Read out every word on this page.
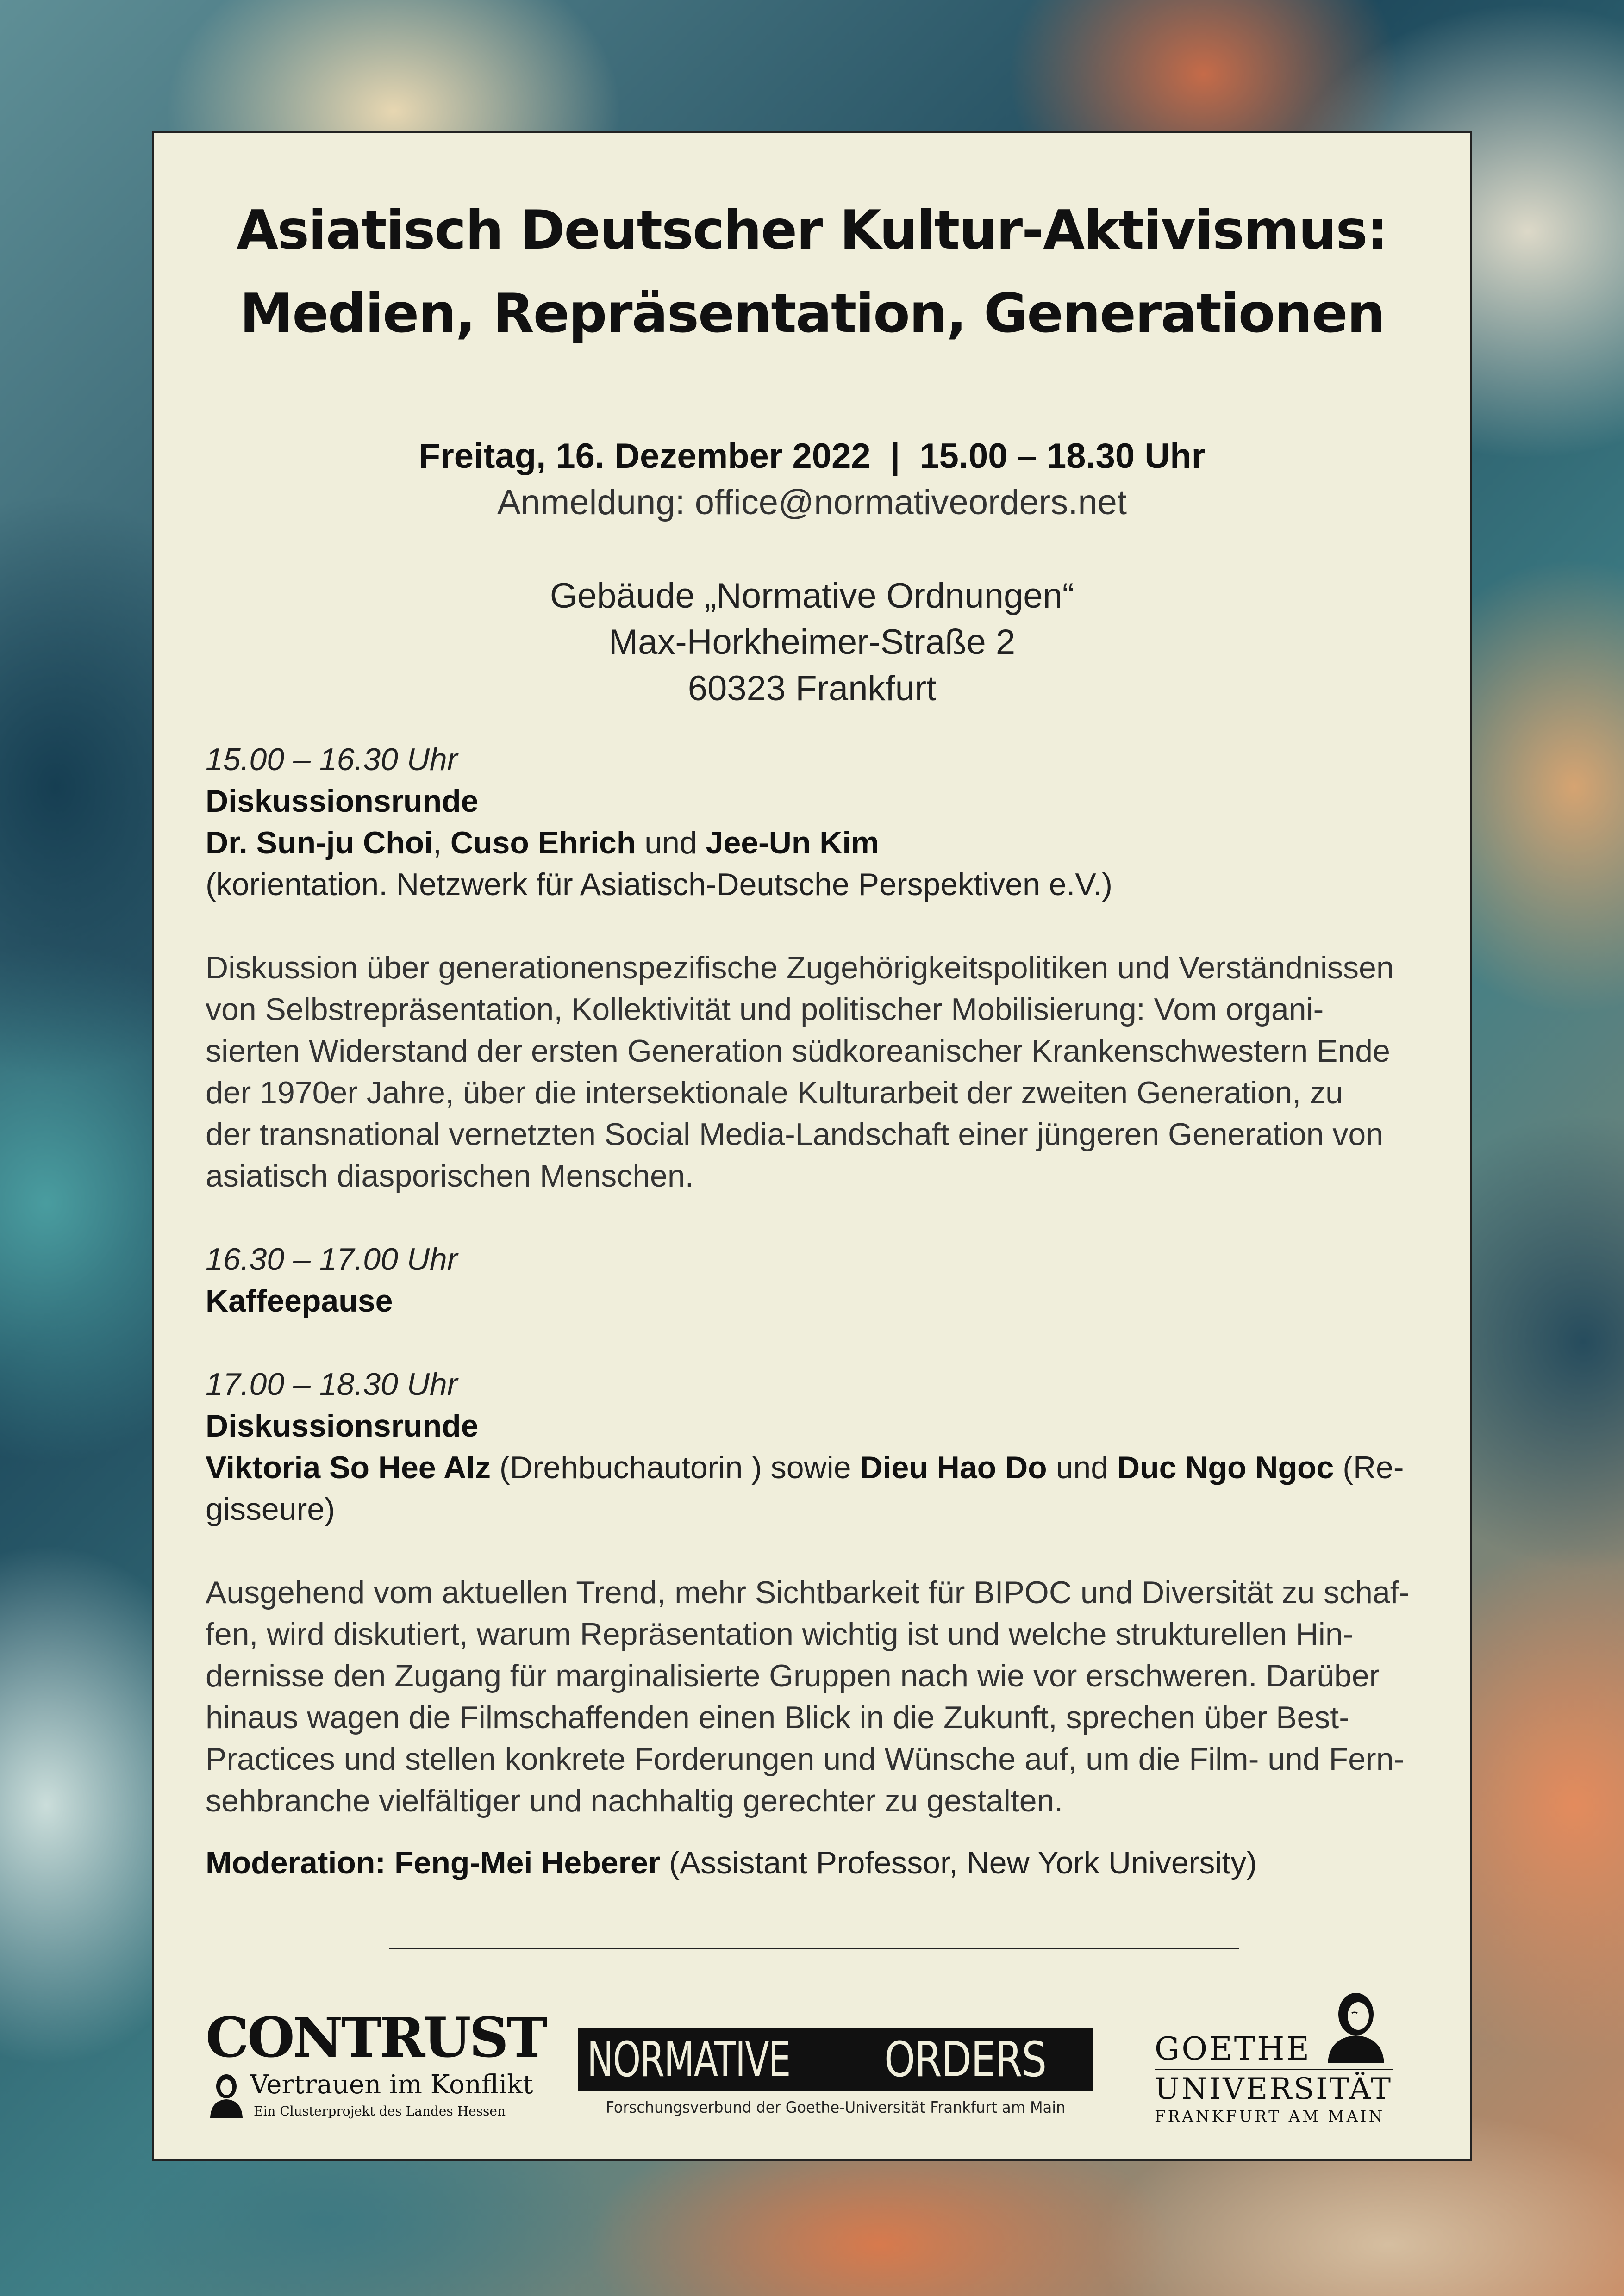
Asiatisch Deutscher Kultur-Aktivismus:
Medien, Repräsentation, Generationen
Freitag, 16. Dezember 2022  |  15.00 – 18.30 Uhr
Anmeldung: office@normativeorders.net
Gebäude „Normative Ordnungen“
Max-Horkheimer-Straße 2
60323 Frankfurt
15.00 – 16.30 Uhr
Diskussionsrunde
Dr. Sun-ju Choi, Cuso Ehrich und Jee-Un Kim
(korientation. Netzwerk für Asiatisch-Deutsche Perspektiven e.V.)
Diskussion über generationenspezifische Zugehörigkeitspolitiken und Verständnissen
von Selbstrepräsentation, Kollektivität und politischer Mobilisierung: Vom organi-
sierten Widerstand der ersten Generation südkoreanischer Krankenschwestern Ende
der 1970er Jahre, über die intersektionale Kulturarbeit der zweiten Generation, zu
der transnational vernetzten Social Media-Landschaft einer jüngeren Generation von
asiatisch diasporischen Menschen.
16.30 – 17.00 Uhr
Kaffeepause
17.00 – 18.30 Uhr
Diskussionsrunde
Viktoria So Hee Alz (Drehbuchautorin ) sowie Dieu Hao Do und Duc Ngo Ngoc (Re-
gisseure)
Ausgehend vom aktuellen Trend, mehr Sichtbarkeit für BIPOC und Diversität zu schaf-
fen, wird diskutiert, warum Repräsentation wichtig ist und welche strukturellen Hin-
dernisse den Zugang für marginalisierte Gruppen nach wie vor erschweren. Darüber
hinaus wagen die Filmschaffenden einen Blick in die Zukunft, sprechen über Best-
Practices und stellen konkrete Forderungen und Wünsche auf, um die Film- und Fern-
sehbranche vielfältiger und nachhaltig gerechter zu gestalten.
Moderation: Feng-Mei Heberer (Assistant Professor, New York University)
CONTRUST
Vertrauen im Konflikt
Ein Clusterprojekt des Landes Hessen
NORMATIVE ORDERS
Forschungsverbund der Goethe-Universität Frankfurt am Main
GOETHE
UNIVERSITÄT
FRANKFURT AM MAIN
